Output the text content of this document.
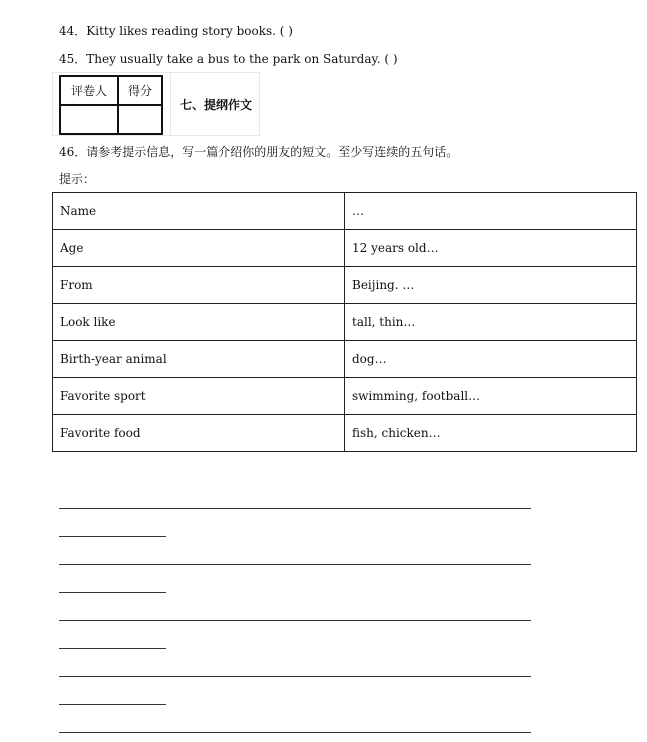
44．Kitty likes reading story books. ( )
45．They usually take a bus to the park on Saturday. ( )
评卷人	得分

七、提纲作文
46．请参考提示信息，写一篇介绍你的朋友的短文。至少写连续的五句话。
提示：
Name	…
Age	12 years old…
From	Beijing. …
Look like	tall, thin…
Birth-year animal	dog…
Favorite sport	swimming, football…
Favorite food	fish, chicken…
